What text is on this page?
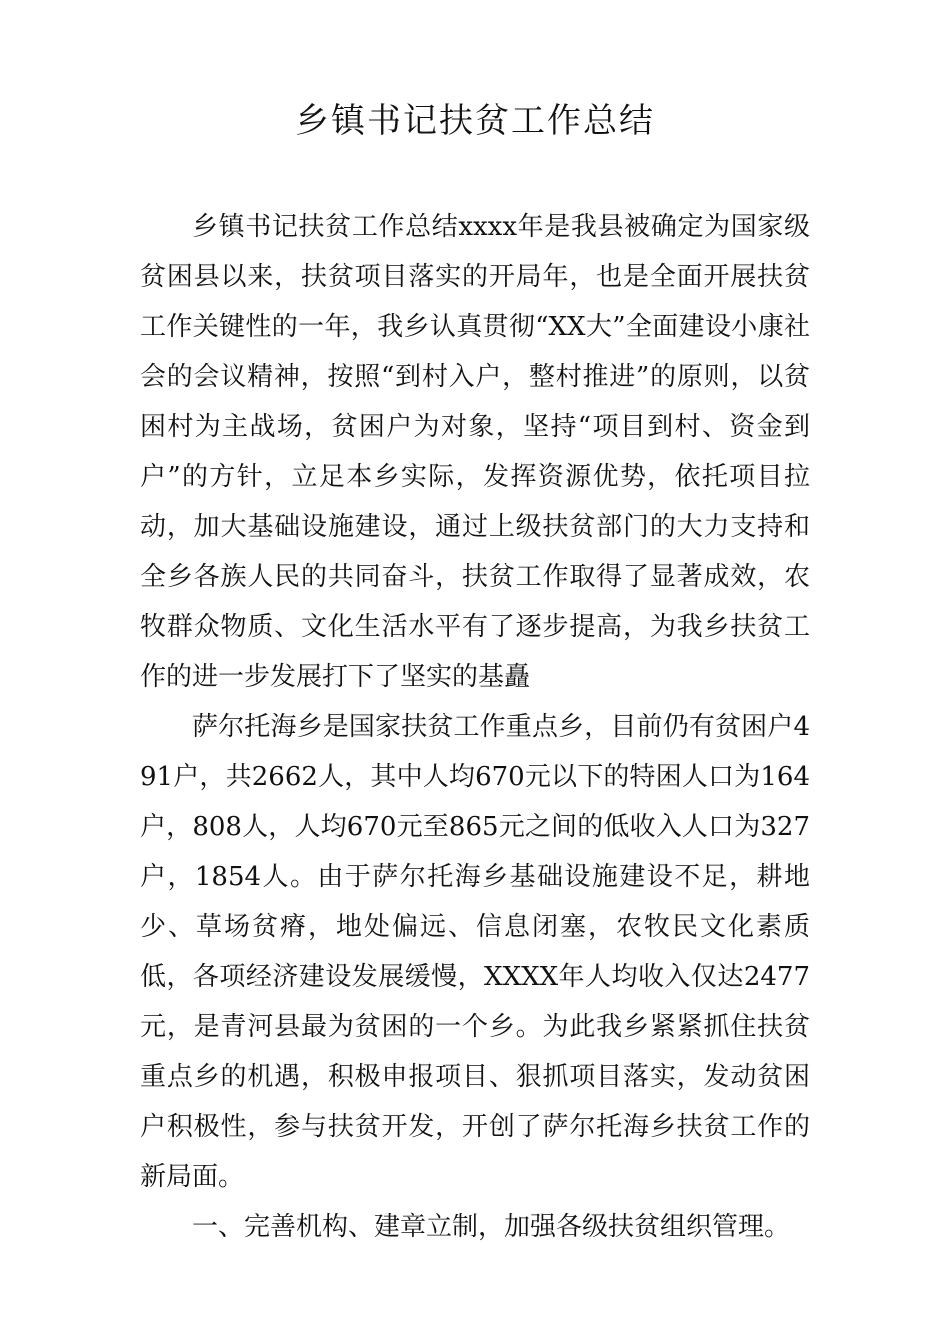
乡镇书记扶贫工作总结

乡镇书记扶贫工作总结xxxx年是我县被确定为国家级贫困县以来，扶贫项目落实的开局年，也是全面开展扶贫工作关键性的一年，我乡认真贯彻“XX大”全面建设小康社会的会议精神，按照“到村入户，整村推进”的原则，以贫困村为主战场，贫困户为对象，坚持“项目到村、资金到户”的方针，立足本乡实际，发挥资源优势，依托项目拉动，加大基础设施建设，通过上级扶贫部门的大力支持和全乡各族人民的共同奋斗，扶贫工作取得了显著成效，农牧群众物质、文化生活水平有了逐步提高，为我乡扶贫工作的进一步发展打下了坚实的基矗

萨尔托海乡是国家扶贫工作重点乡，目前仍有贫困户491户，共2662人，其中人均670元以下的特困人口为164户，808人，人均670元至865元之间的低收入人口为327户，1854人。由于萨尔托海乡基础设施建设不足，耕地少、草场贫瘠，地处偏远、信息闭塞，农牧民文化素质低，各项经济建设发展缓慢，XXXX年人均收入仅达2477元，是青河县最为贫困的一个乡。为此我乡紧紧抓住扶贫重点乡的机遇，积极申报项目、狠抓项目落实，发动贫困户积极性，参与扶贫开发，开创了萨尔托海乡扶贫工作的新局面。

一、完善机构、建章立制，加强各级扶贫组织管理。
